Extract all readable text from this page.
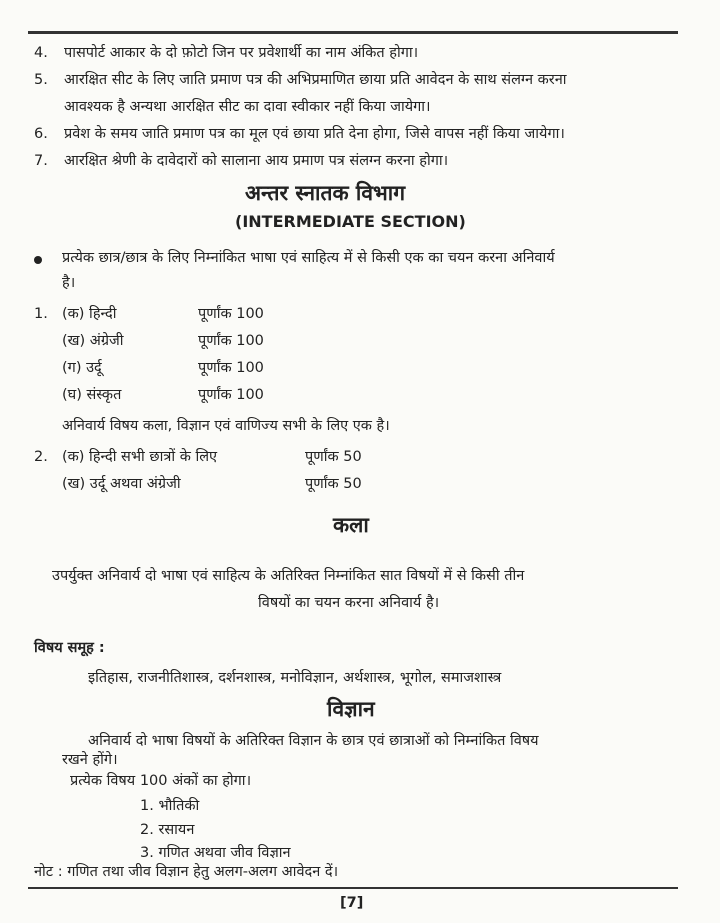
4. पासपोर्ट आकार के दो फ़ोटो जिन पर प्रवेशार्थी का नाम अंकित होगा।
5. आरक्षित सीट के लिए जाति प्रमाण पत्र की अभिप्रमाणित छाया प्रति आवेदन के साथ संलग्न करना
आवश्यक है अन्यथा आरक्षित सीट का दावा स्वीकार नहीं किया जायेगा।
6. प्रवेश के समय जाति प्रमाण पत्र का मूल एवं छाया प्रति देना होगा, जिसे वापस नहीं किया जायेगा।
7. आरक्षित श्रेणी के दावेदारों को सालाना आय प्रमाण पत्र संलग्न करना होगा।
अन्तर स्नातक विभाग
(INTERMEDIATE SECTION)
प्रत्येक छात्र/छात्र के लिए निम्नांकित भाषा एवं साहित्य में से किसी एक का चयन करना अनिवार्य
है।
1. (क) हिन्दी	पूर्णांक 100
(ख) अंग्रेजी	पूर्णांक 100
(ग) उर्दू	पूर्णांक 100
(घ) संस्कृत	पूर्णांक 100
अनिवार्य विषय कला, विज्ञान एवं वाणिज्य सभी के लिए एक है।
2. (क) हिन्दी सभी छात्रों के लिए	पूर्णांक 50
(ख) उर्दू अथवा अंग्रेजी	पूर्णांक 50
कला
उपर्युक्त अनिवार्य दो भाषा एवं साहित्य के अतिरिक्त निम्नांकित सात विषयों में से किसी तीन
विषयों का चयन करना अनिवार्य है।
विषय समूह :
इतिहास, राजनीतिशास्त्र, दर्शनशास्त्र, मनोविज्ञान, अर्थशास्त्र, भूगोल, समाजशास्त्र
विज्ञान
अनिवार्य दो भाषा विषयों के अतिरिक्त विज्ञान के छात्र एवं छात्राओं को निम्नांकित विषय
रखने होंगे।
प्रत्येक विषय 100 अंकों का होगा।
1. भौतिकी
2. रसायन
3. गणित अथवा जीव विज्ञान
नोट : गणित तथा जीव विज्ञान हेतु अलग-अलग आवेदन दें।
[7]
